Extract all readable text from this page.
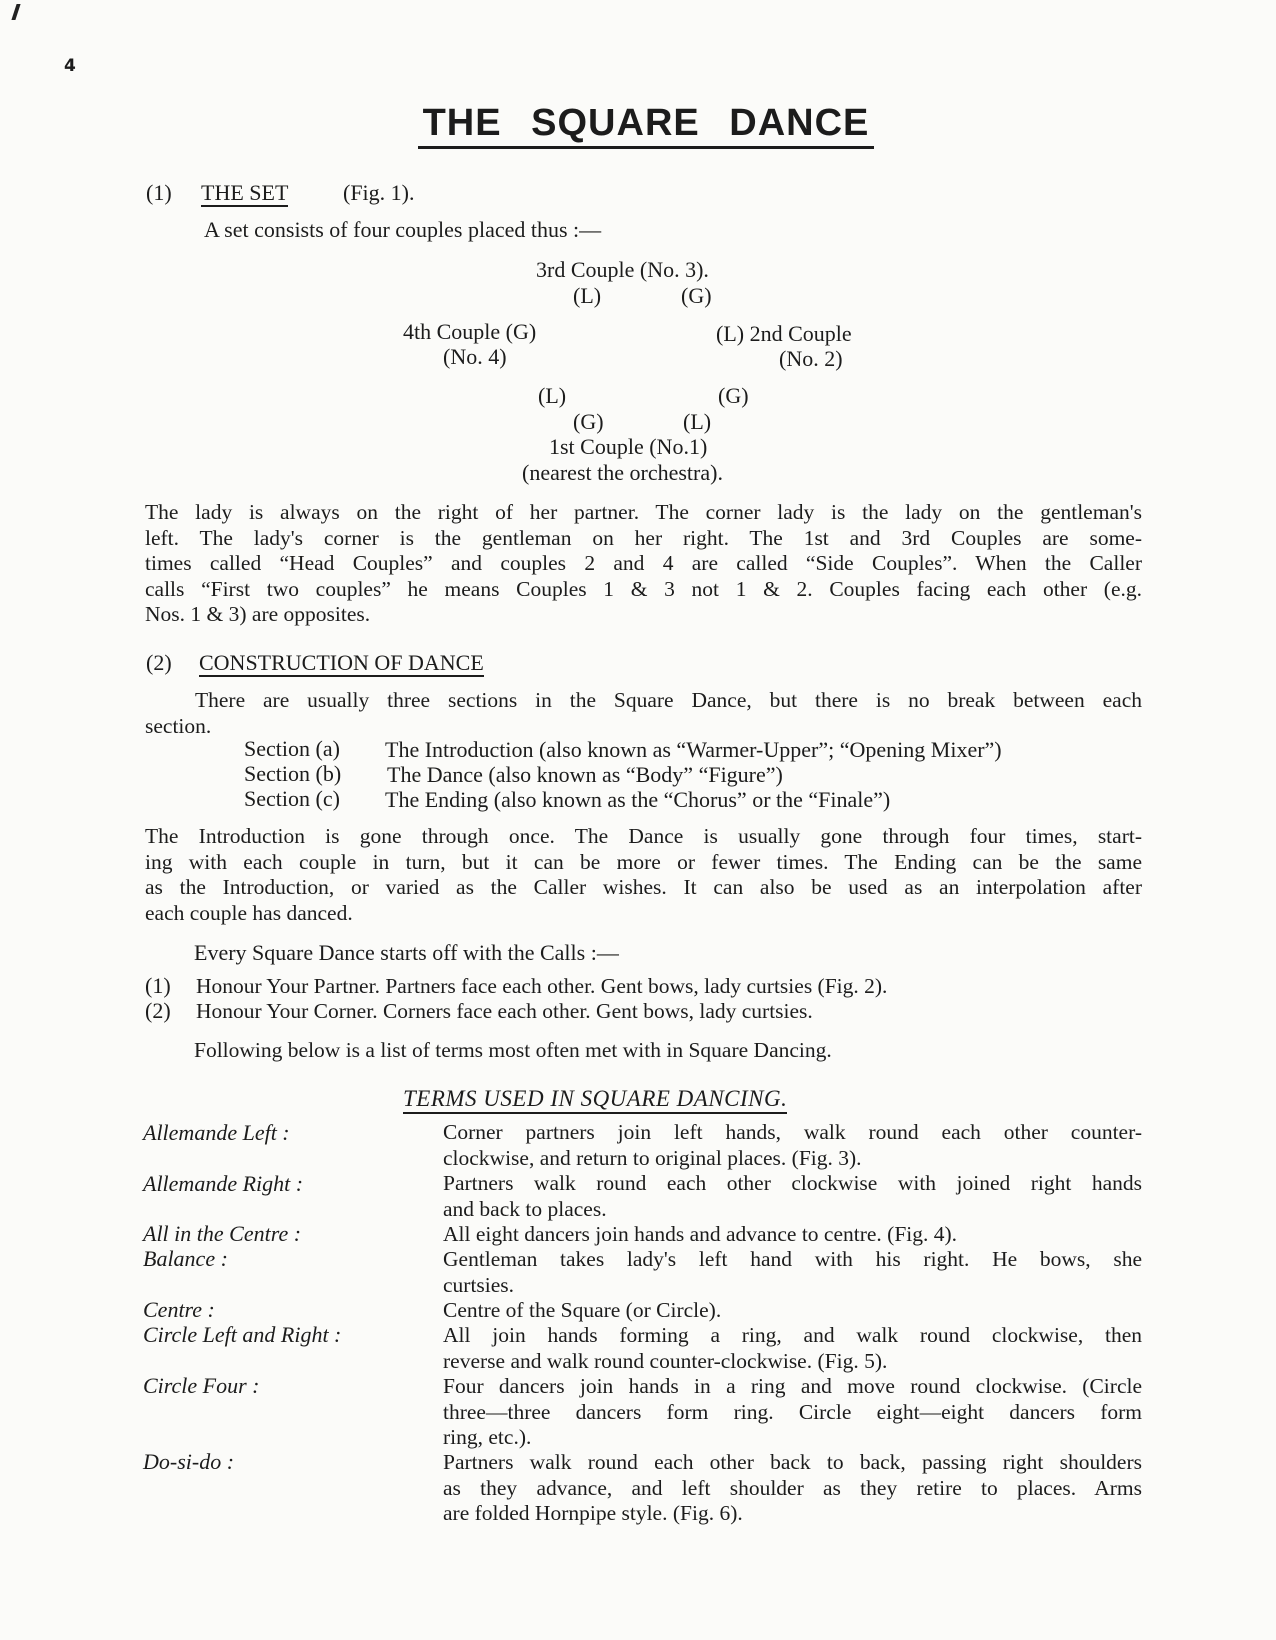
4
THE SQUARE DANCE
(1) THE SET (Fig. 1).
A set consists of four couples placed thus :—
3rd Couple (No. 3).
(L)	(G)
4th Couple (G)
(No. 4)
(L) 2nd Couple
(No. 2)
(L)	(G)
(G)	(L)
1st Couple (No.1)
(nearest the orchestra).
The lady is always on the right of her partner. The corner lady is the lady on the gentleman's
left. The lady's corner is the gentleman on her right. The 1st and 3rd Couples are some-
times called “Head Couples” and couples 2 and 4 are called “Side Couples”. When the Caller
calls “First two couples” he means Couples 1 & 3 not 1 & 2. Couples facing each other (e.g.
Nos. 1 & 3) are opposites.
(2) CONSTRUCTION OF DANCE
There are usually three sections in the Square Dance, but there is no break between each
section.
Section (a) The Introduction (also known as “Warmer-Upper”; “Opening Mixer”)
Section (b) The Dance (also known as “Body” “Figure”)
Section (c) The Ending (also known as the “Chorus” or the “Finale”)
The Introduction is gone through once. The Dance is usually gone through four times, start-
ing with each couple in turn, but it can be more or fewer times. The Ending can be the same
as the Introduction, or varied as the Caller wishes. It can also be used as an interpolation after
each couple has danced.
Every Square Dance starts off with the Calls :—
(1) Honour Your Partner. Partners face each other. Gent bows, lady curtsies (Fig. 2).
(2) Honour Your Corner. Corners face each other. Gent bows, lady curtsies.
Following below is a list of terms most often met with in Square Dancing.
TERMS USED IN SQUARE DANCING.
Allemande Left :	Corner partners join left hands, walk round each other counter-
clockwise, and return to original places. (Fig. 3).
Allemande Right :	Partners walk round each other clockwise with joined right hands
and back to places.
All in the Centre :	All eight dancers join hands and advance to centre. (Fig. 4).
Balance :	Gentleman takes lady's left hand with his right. He bows, she
curtsies.
Centre :	Centre of the Square (or Circle).
Circle Left and Right :	All join hands forming a ring, and walk round clockwise, then
reverse and walk round counter-clockwise. (Fig. 5).
Circle Four :	Four dancers join hands in a ring and move round clockwise. (Circle
three—three dancers form ring. Circle eight—eight dancers form
ring, etc.).
Do-si-do :	Partners walk round each other back to back, passing right shoulders
as they advance, and left shoulder as they retire to places. Arms
are folded Hornpipe style. (Fig. 6).
